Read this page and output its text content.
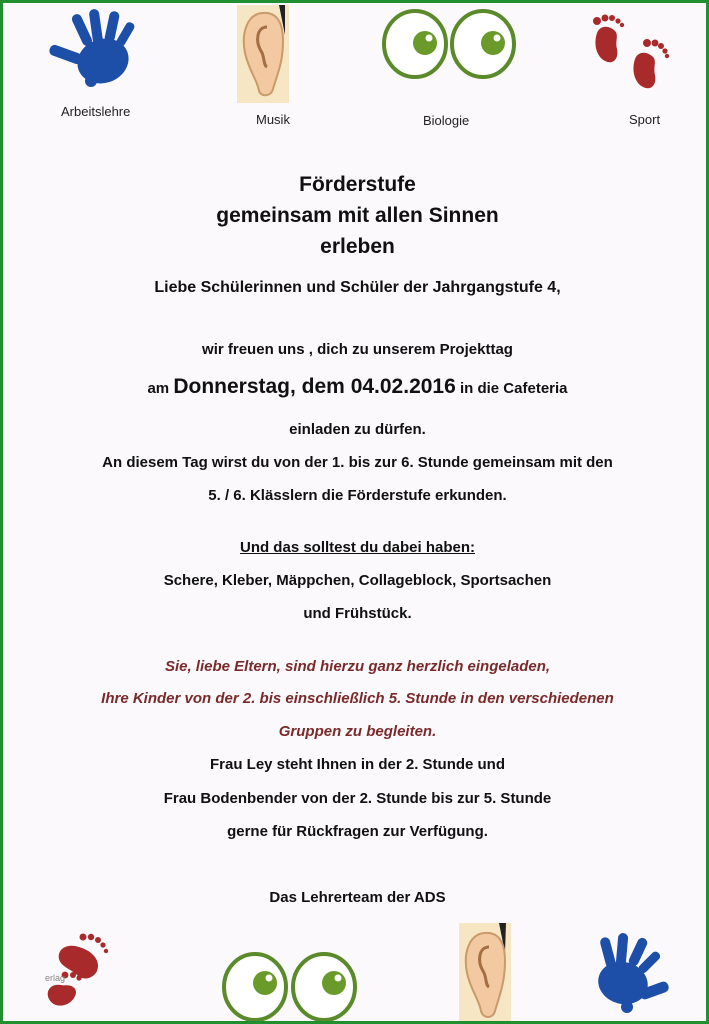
Arbeitslehre
Musik	Biologie	Sport
Förderstufe
gemeinsam mit allen Sinnen
erleben
Liebe Schülerinnen und Schüler der Jahrgangstufe 4,
wir freuen uns , dich zu unserem Projekttag
am Donnerstag, dem 04.02.2016 in die Cafeteria
einladen zu dürfen.
An diesem Tag wirst du von der 1. bis zur 6. Stunde gemeinsam mit den
5. / 6. Klässlern die Förderstufe erkunden.
Und das solltest du dabei haben:
Schere, Kleber, Mäppchen, Collageblock, Sportsachen
und Frühstück.
Sie, liebe Eltern, sind hierzu ganz herzlich eingeladen,
Ihre Kinder von der 2. bis einschließlich 5. Stunde in den verschiedenen
Gruppen zu begleiten.
Frau Ley steht Ihnen in der 2. Stunde und
Frau Bodenbender von der 2. Stunde bis zur 5. Stunde
gerne für Rückfragen zur Verfügung.
Das Lehrerteam der ADS
erlag
